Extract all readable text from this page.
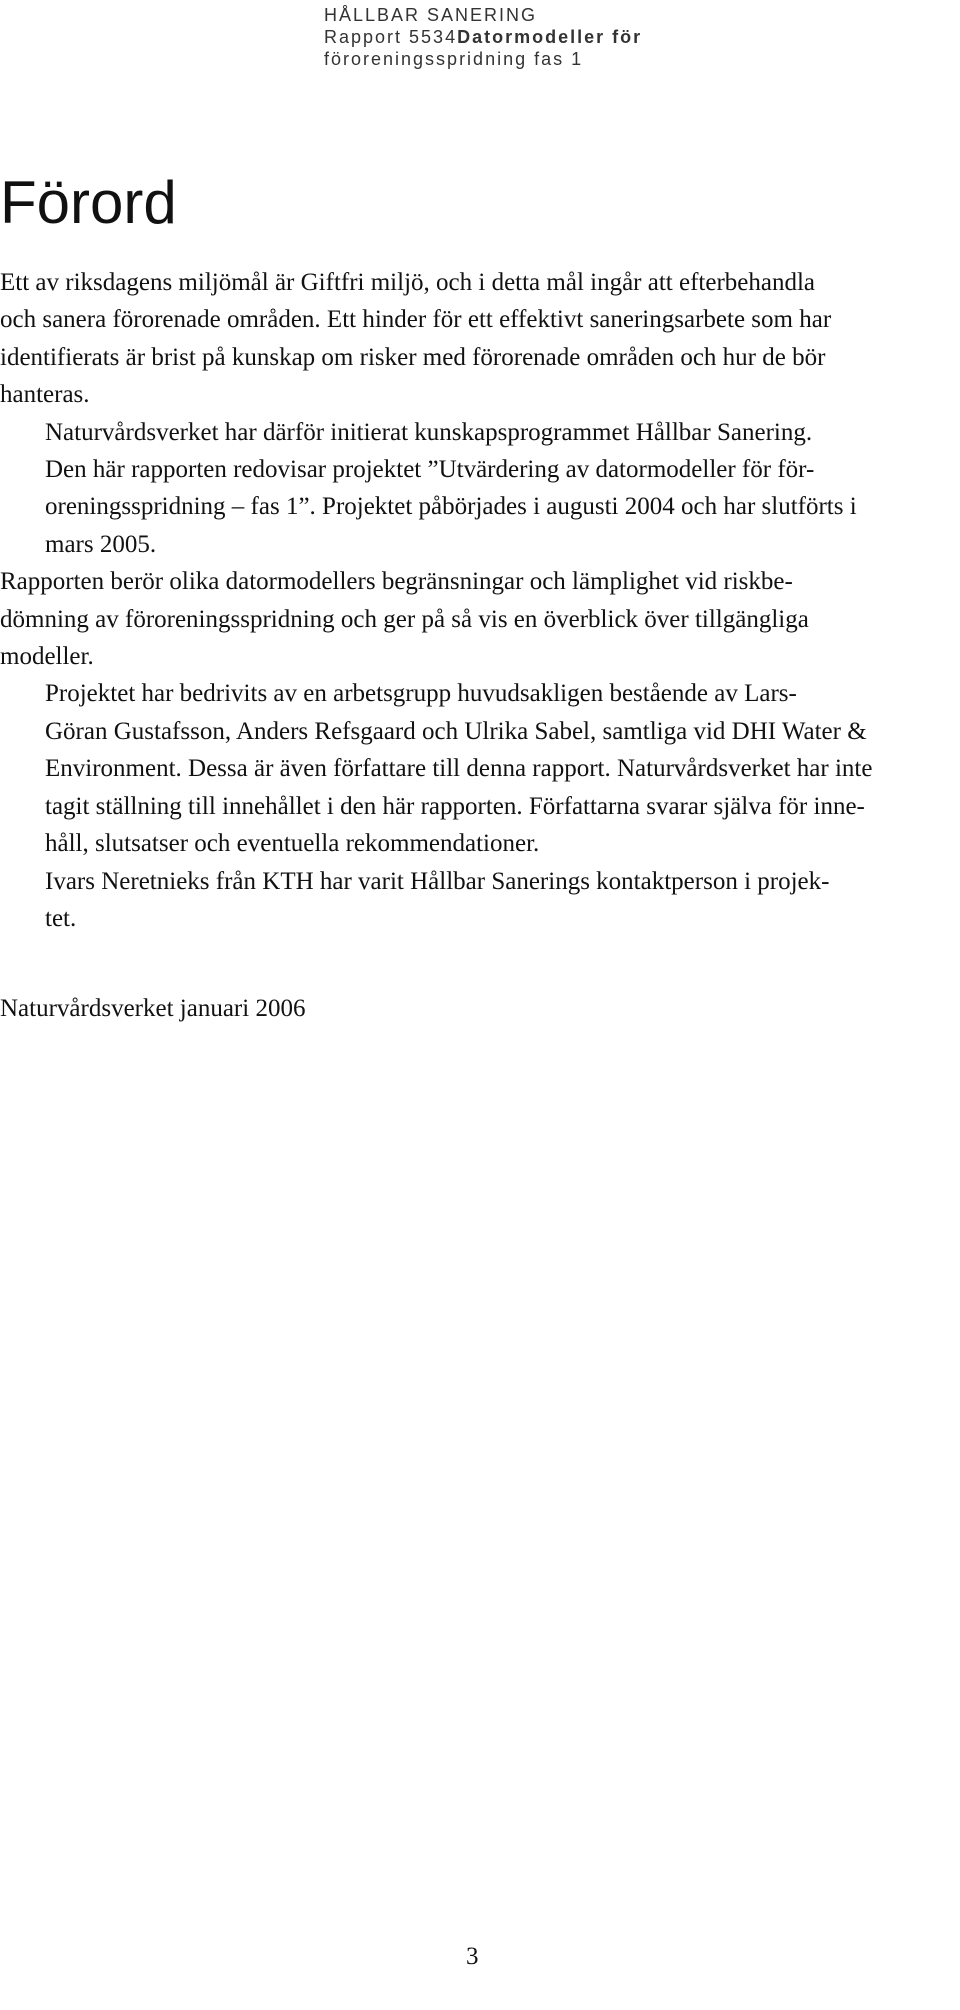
HÅLLBAR SANERING
Rapport 5534Datormodeller för
föroreningsspridning fas 1
Förord

Ett av riksdagens miljömål är Giftfri miljö, och i detta mål ingår att efterbehandla
och sanera förorenade områden. Ett hinder för ett effektivt saneringsarbete som har
identifierats är brist på kunskap om risker med förorenade områden och hur de bör
hanteras.

Naturvårdsverket har därför initierat kunskapsprogrammet Hållbar Sanering.

Den här rapporten redovisar projektet ”Utvärdering av datormodeller för för-
oreningsspridning – fas 1”. Projektet påbörjades i augusti 2004 och har slutförts i
mars 2005.

Rapporten berör olika datormodellers begränsningar och lämplighet vid riskbe-
dömning av föroreningsspridning och ger på så vis en överblick över tillgängliga
modeller.

Projektet har bedrivits av en arbetsgrupp huvudsakligen bestående av Lars-
Göran Gustafsson, Anders Refsgaard och Ulrika Sabel, samtliga vid DHI Water &
Environment. Dessa är även författare till denna rapport. Naturvårdsverket har inte
tagit ställning till innehållet i den här rapporten. Författarna svarar själva för inne-
håll, slutsatser och eventuella rekommendationer.

Ivars Neretnieks från KTH har varit Hållbar Sanerings kontaktperson i projek-
tet.

Naturvårdsverket januari 2006
3
